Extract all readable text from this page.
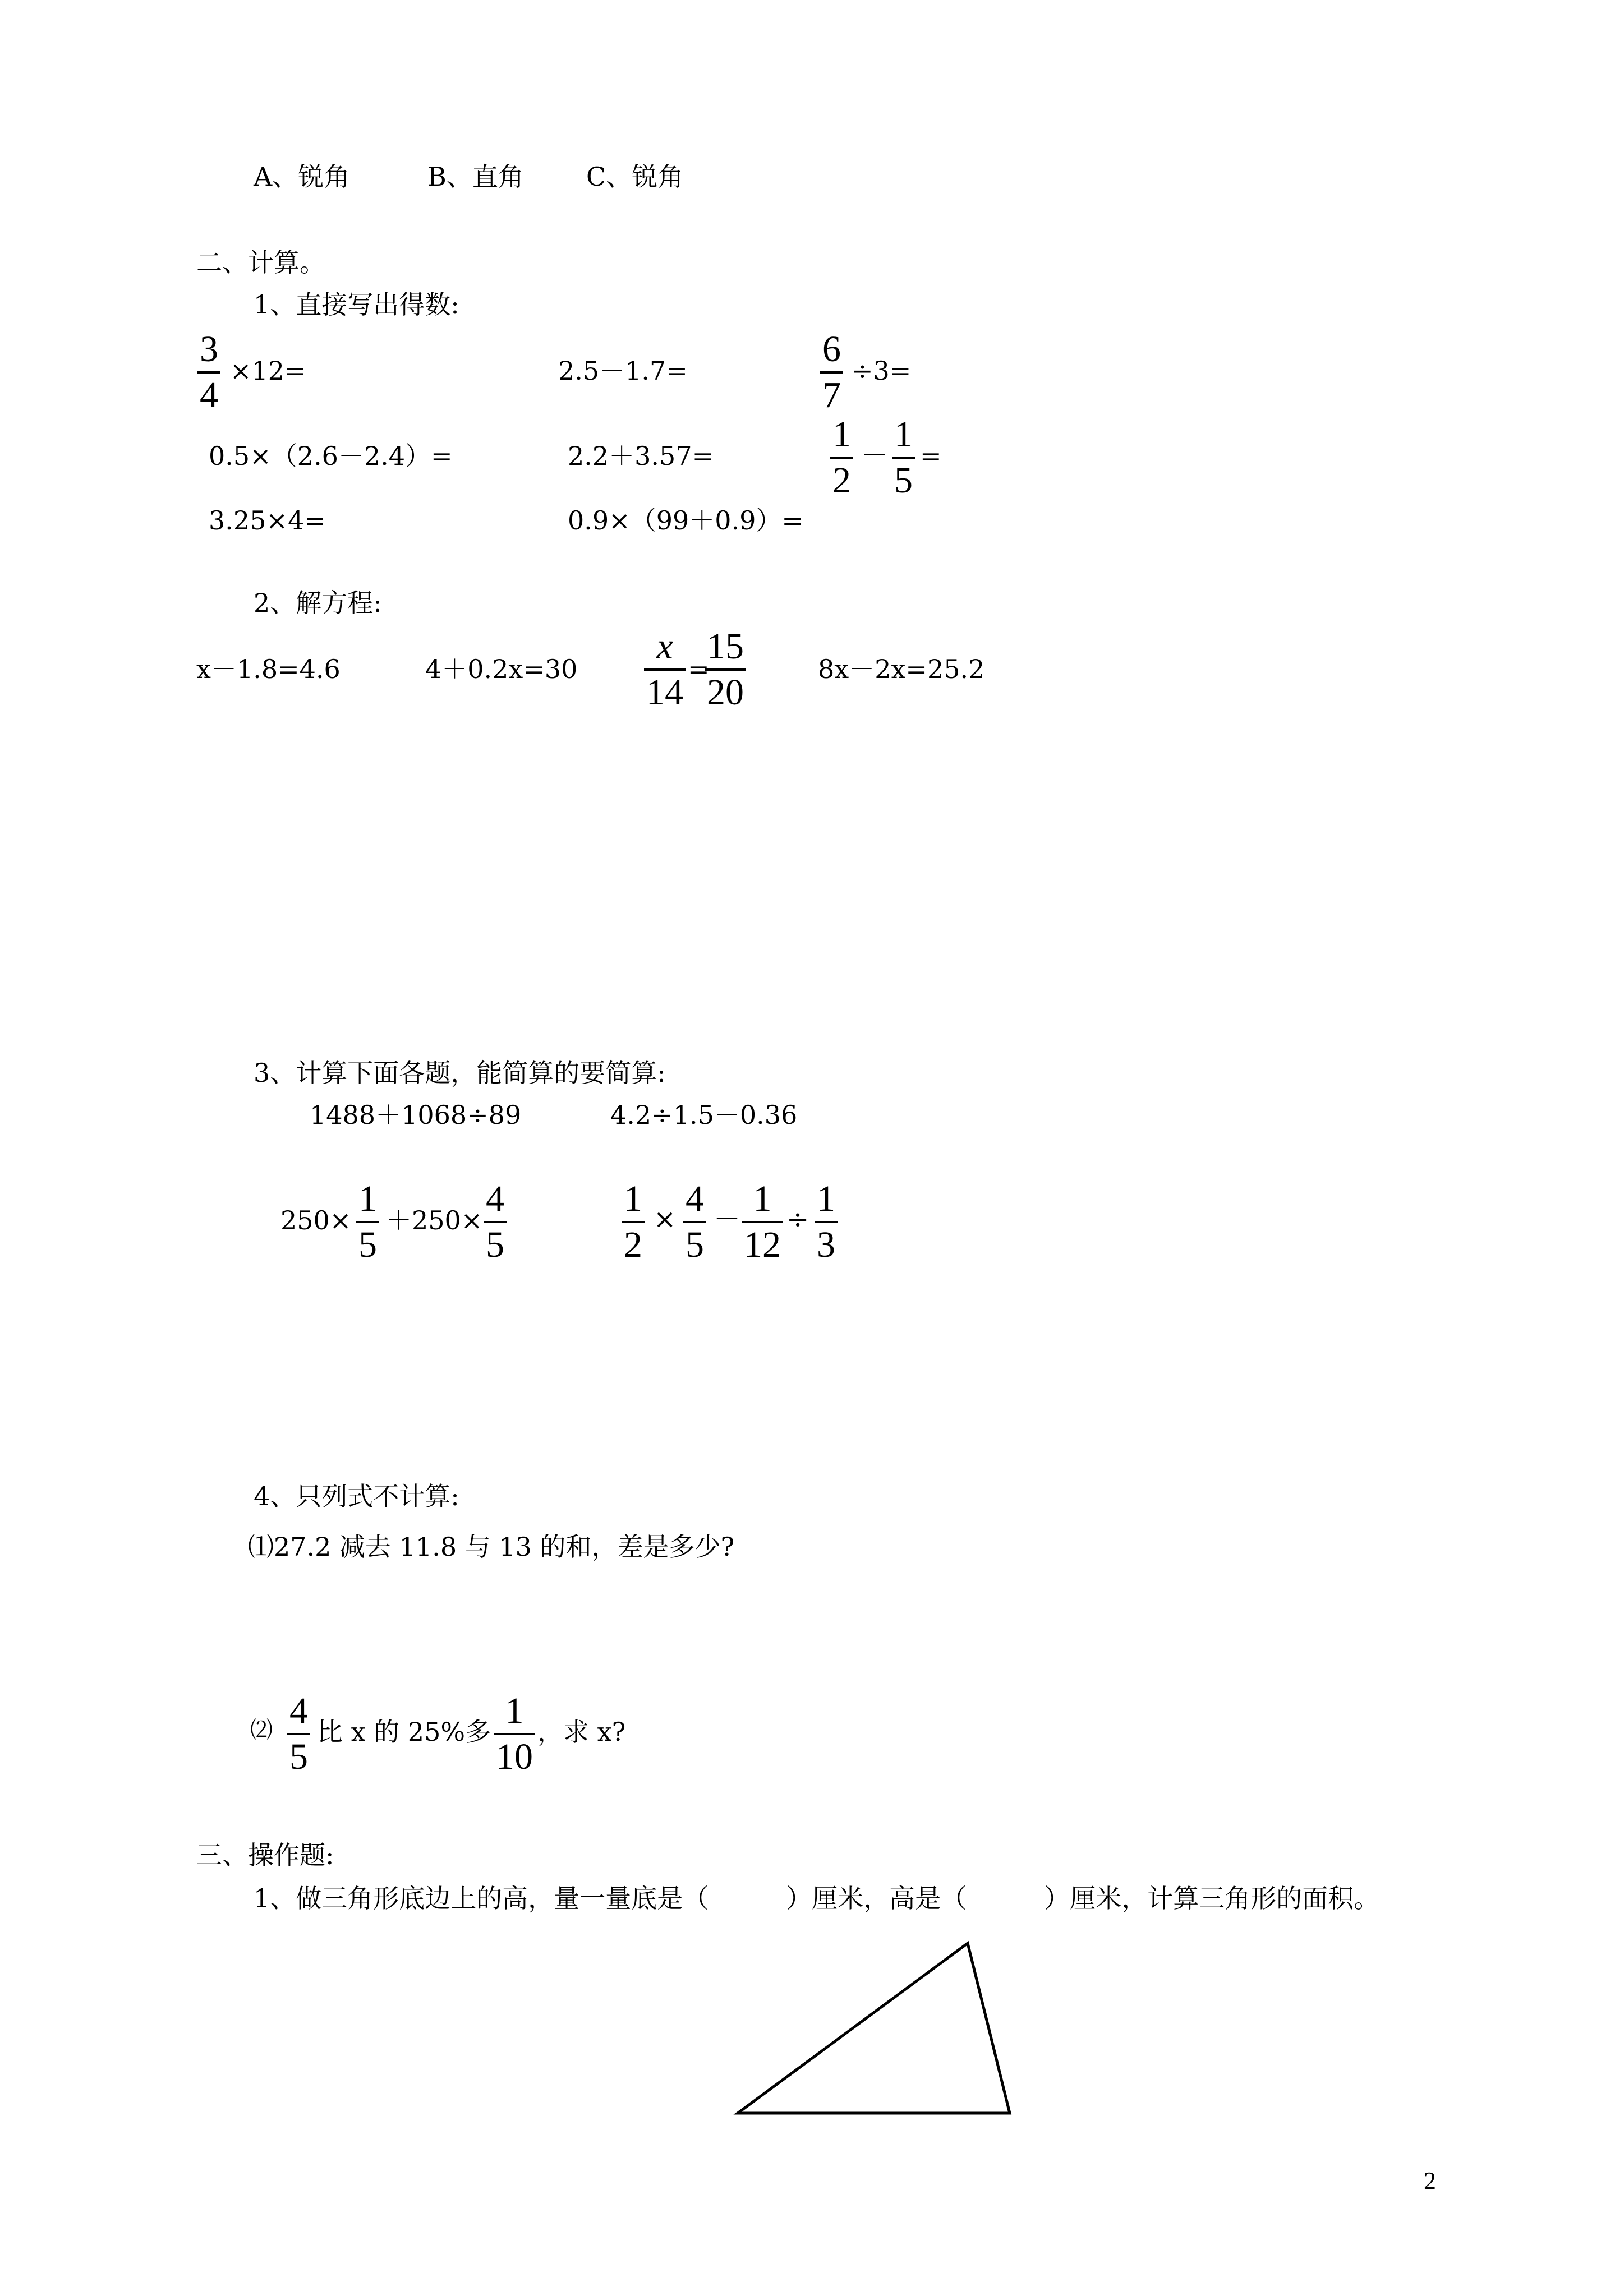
A、锐角	B、直角 C、锐角
二、计算。
1、直接写出得数:
3
4
×12=	2.5－1.7=
6
7
÷3=
0.5×（2.6－2.4）=	2.2＋3.57=
1
2
－
1
5
=
3.25×4=	0.9×（99＋0.9）=
2、解方程:
x－1.8=4.6	4＋0.2x=30
x
14
=
15
20
8x－2x=25.2
3、计算下面各题，能简算的要简算:
1488＋1068÷89	4.2÷1.5－0.36
250×
1
5
＋250×
4
5
1
2
× 4
5
－ 1
12
÷ 1
3
4、只列式不计算:
⑴27.2 减去 11.8 与 13 的和，差是多少?
⑵ 4
5
比 x 的 25%多
1
10
，求 x?
三、操作题:
1、做三角形底边上的高，量一量底是（　　　）厘米，高是（　　　）厘米，计算三角形的面积。
2
